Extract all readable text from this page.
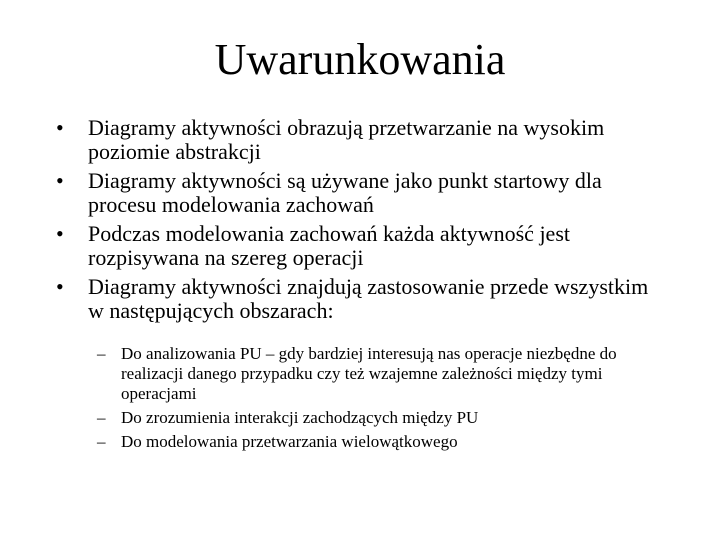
Uwarunkowania
•	Diagramy aktywności obrazują przetwarzanie na wysokim poziomie abstrakcji
•	Diagramy aktywności są używane jako punkt startowy dla procesu modelowania zachowań
•	Podczas modelowania zachowań każda aktywność jest rozpisywana na szereg operacji
•	Diagramy aktywności znajdują zastosowanie przede wszystkim w następujących obszarach:
– Do analizowania PU – gdy bardziej interesują nas operacje niezbędne do realizacji danego przypadku czy też wzajemne zależności między tymi operacjami
– Do zrozumienia interakcji zachodzących między PU
– Do modelowania przetwarzania wielowątkowego
